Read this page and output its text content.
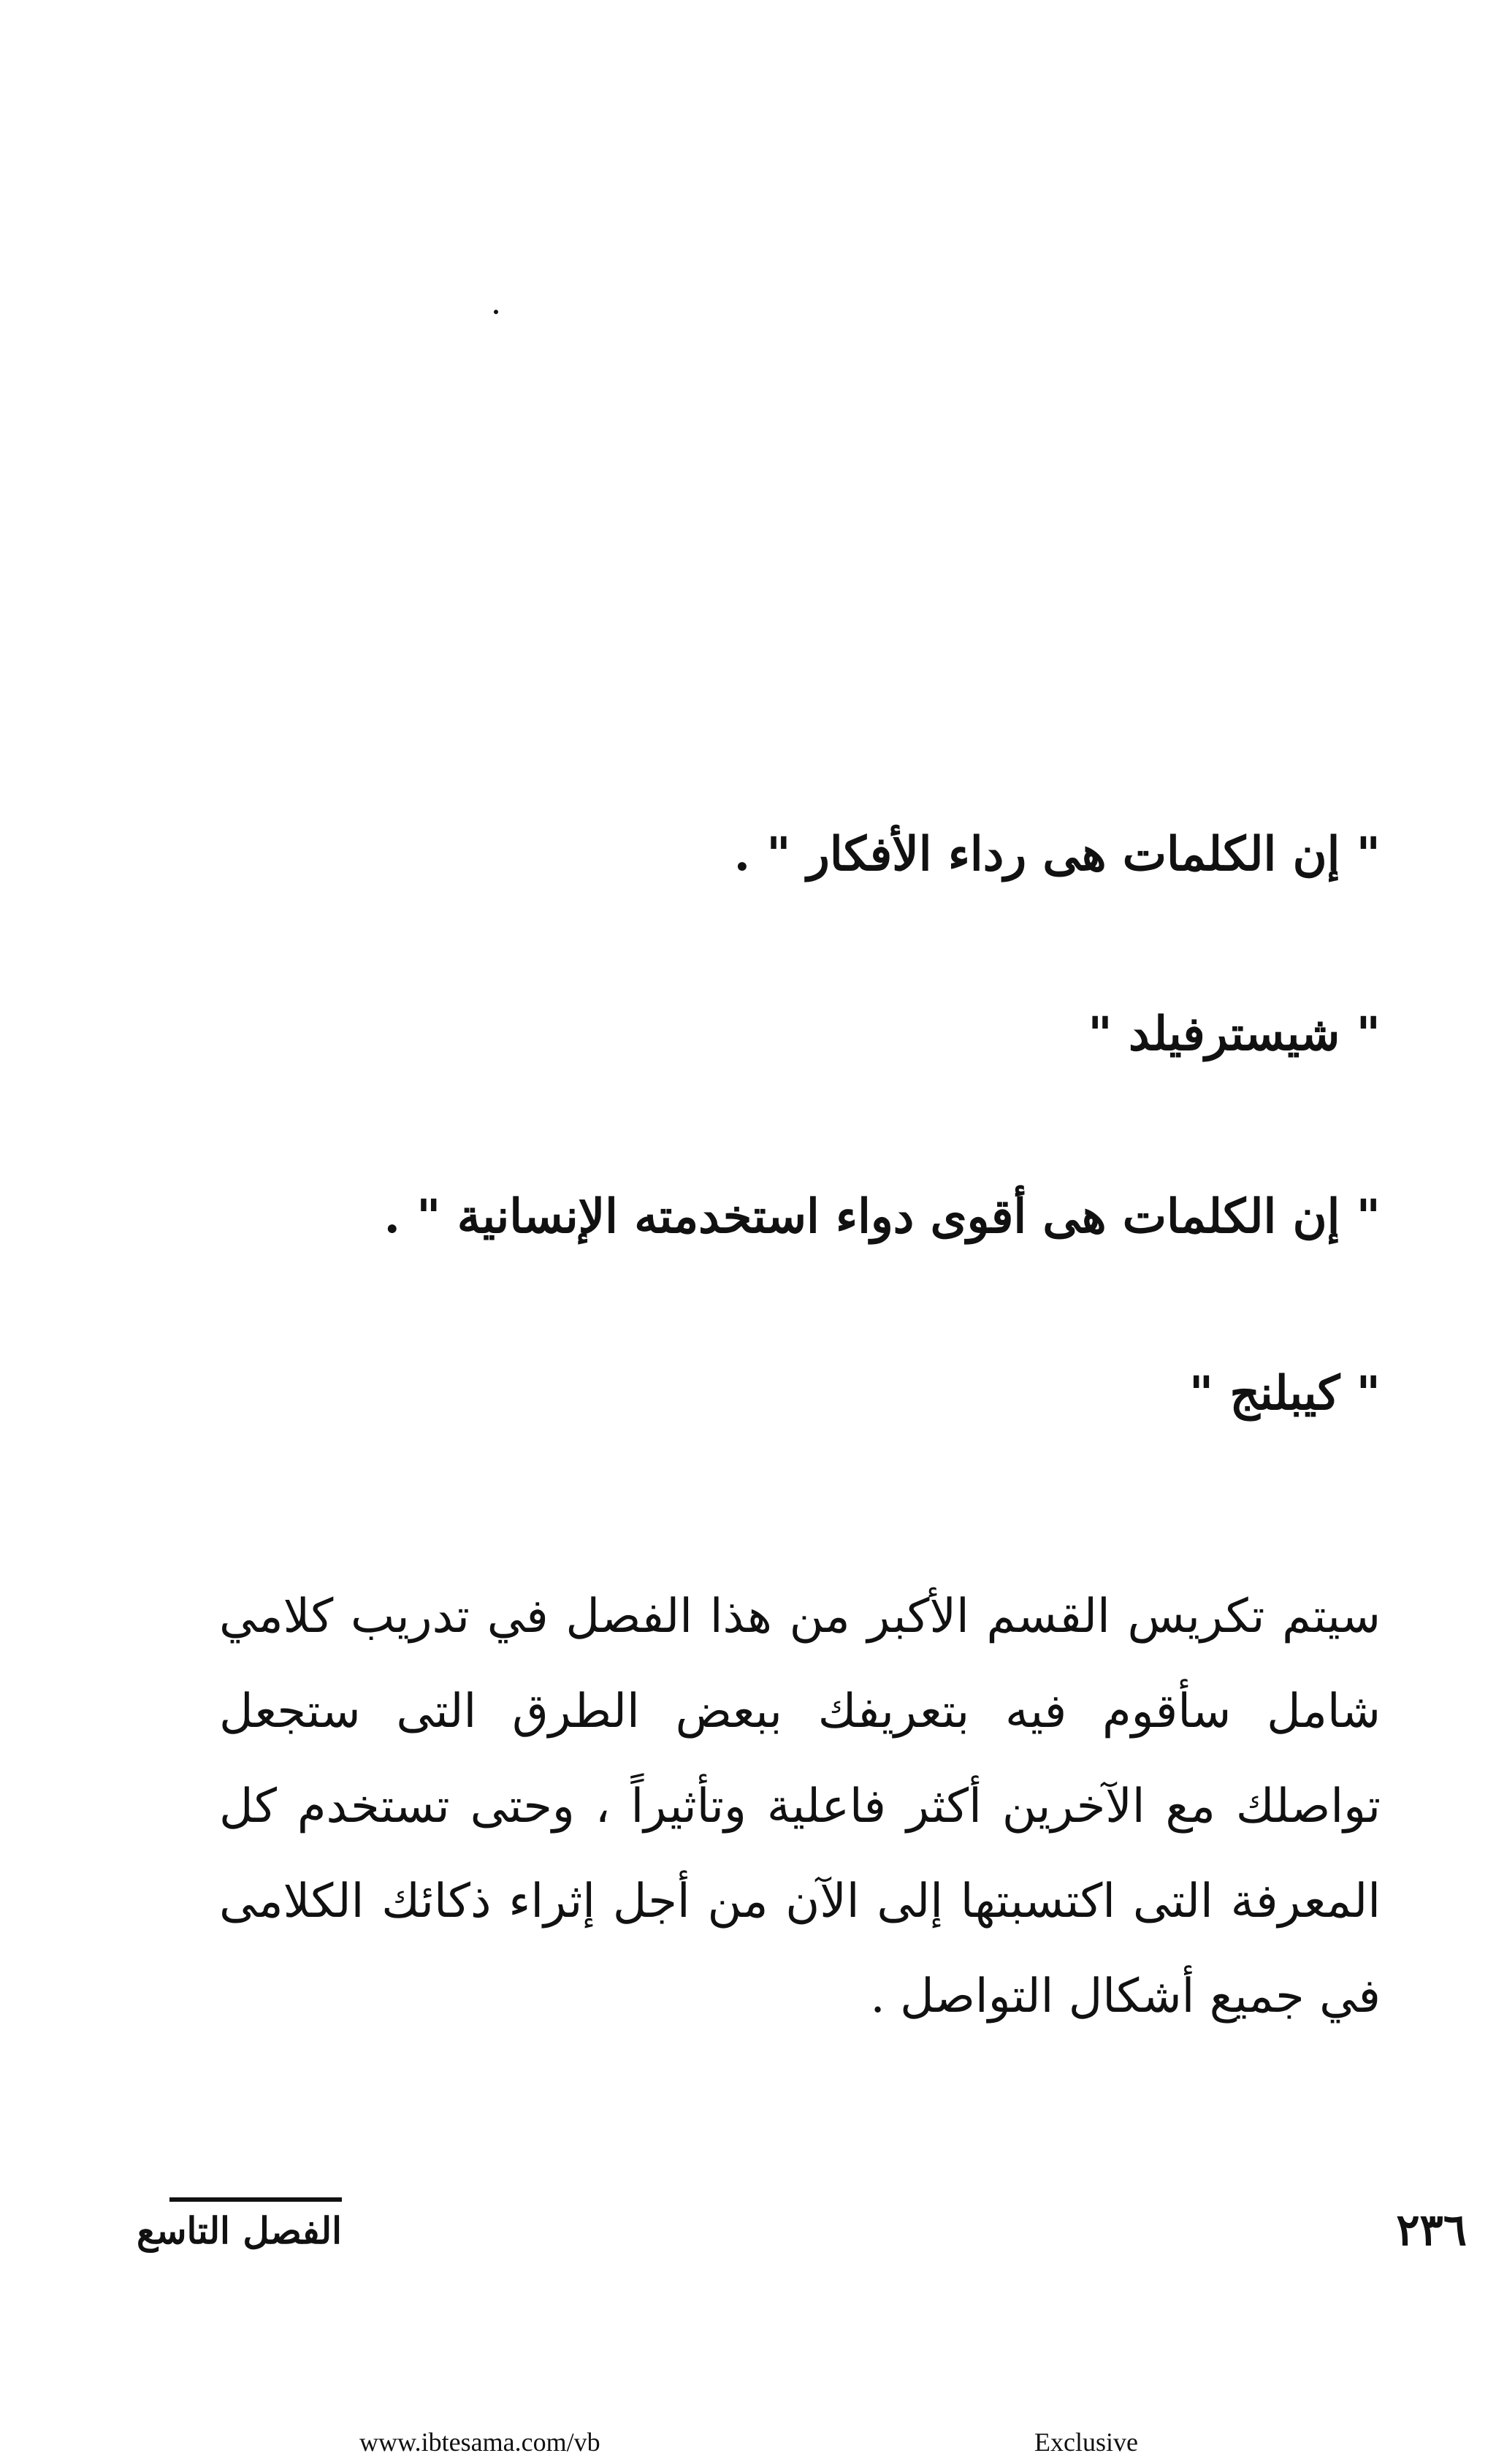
" إن الكلمات هى رداء الأفكار " .
" شيسترفيلد "
" إن الكلمات هى أقوى دواء استخدمته الإنسانية " .
" كيبلنج "

سيتم تكريس القسم الأكبر من هذا الفصل في تدريب كلامي شامل سأقوم فيه بتعريفك ببعض الطرق التى ستجعل تواصلك مع الآخرين أكثر فاعلية وتأثيراً ، وحتى تستخدم كل المعرفة التى اكتسبتها إلى الآن من أجل إثراء ذكائك الكلامى في جميع أشكال التواصل .

الفصل التاسع	٢٣٦
www.ibtesama.com/vb	Exclusive
